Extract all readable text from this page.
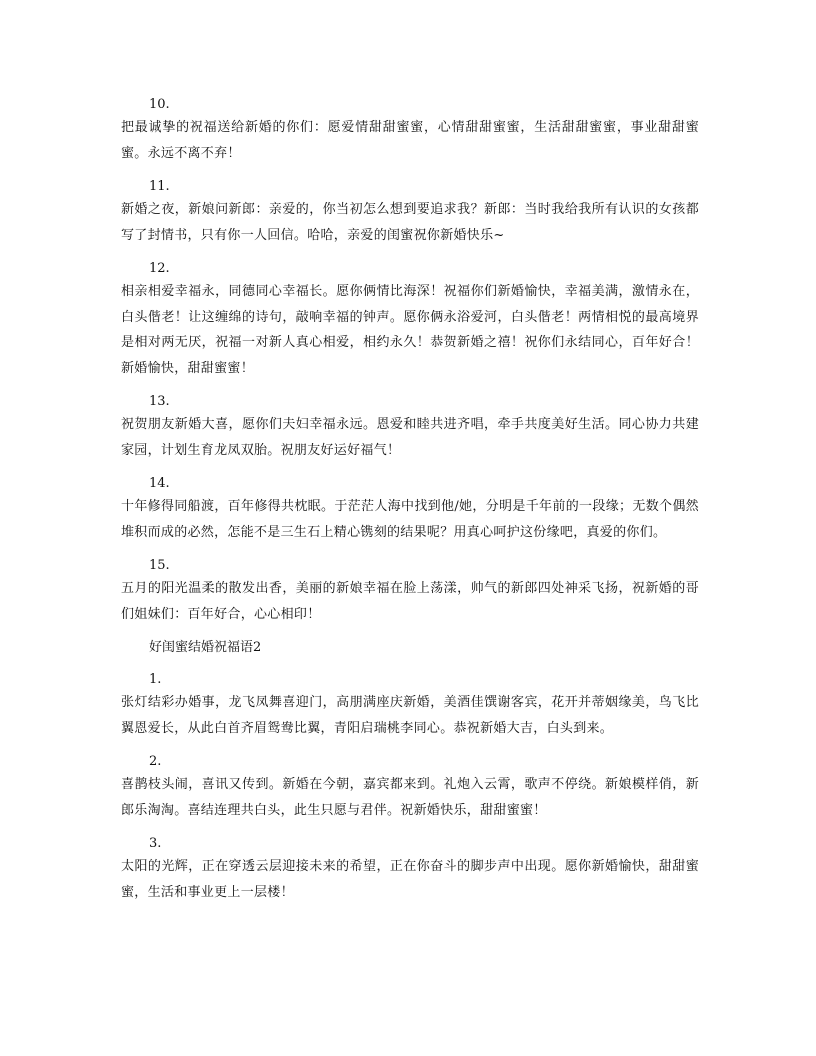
10.

把最诚挚的祝福送给新婚的你们：愿爱情甜甜蜜蜜，心情甜甜蜜蜜，生活甜甜蜜蜜，事业甜甜蜜蜜。永远不离不弃！

11.

新婚之夜，新娘问新郎：亲爱的，你当初怎么想到要追求我？新郎：当时我给我所有认识的女孩都写了封情书，只有你一人回信。哈哈，亲爱的闺蜜祝你新婚快乐~

12.

相亲相爱幸福永，同德同心幸福长。愿你俩情比海深！祝福你们新婚愉快，幸福美满，激情永在，白头偕老！让这缠绵的诗句，敲响幸福的钟声。愿你俩永浴爱河，白头偕老！两情相悦的最高境界是相对两无厌，祝福一对新人真心相爱，相约永久！恭贺新婚之禧！祝你们永结同心，百年好合！新婚愉快，甜甜蜜蜜！

13.

祝贺朋友新婚大喜，愿你们夫妇幸福永远。恩爱和睦共进齐唱，牵手共度美好生活。同心协力共建家园，计划生育龙凤双胎。祝朋友好运好福气！

14.

十年修得同船渡，百年修得共枕眠。于茫茫人海中找到他/她，分明是千年前的一段缘；无数个偶然堆积而成的必然，怎能不是三生石上精心镌刻的结果呢？用真心呵护这份缘吧，真爱的你们。

15.

五月的阳光温柔的散发出香，美丽的新娘幸福在脸上荡漾，帅气的新郎四处神采飞扬，祝新婚的哥们姐妹们：百年好合，心心相印！

好闺蜜结婚祝福语2
1.

张灯结彩办婚事，龙飞凤舞喜迎门，高朋满座庆新婚，美酒佳馔谢客宾，花开并蒂姻缘美，鸟飞比翼恩爱长，从此白首齐眉鸳鸯比翼，青阳启瑞桃李同心。恭祝新婚大吉，白头到来。

2.

喜鹊枝头闹，喜讯又传到。新婚在今朝，嘉宾都来到。礼炮入云霄，歌声不停绕。新娘模样俏，新郎乐淘淘。喜结连理共白头，此生只愿与君伴。祝新婚快乐，甜甜蜜蜜！

3.

太阳的光辉，正在穿透云层迎接未来的希望，正在你奋斗的脚步声中出现。愿你新婚愉快，甜甜蜜蜜，生活和事业更上一层楼！
